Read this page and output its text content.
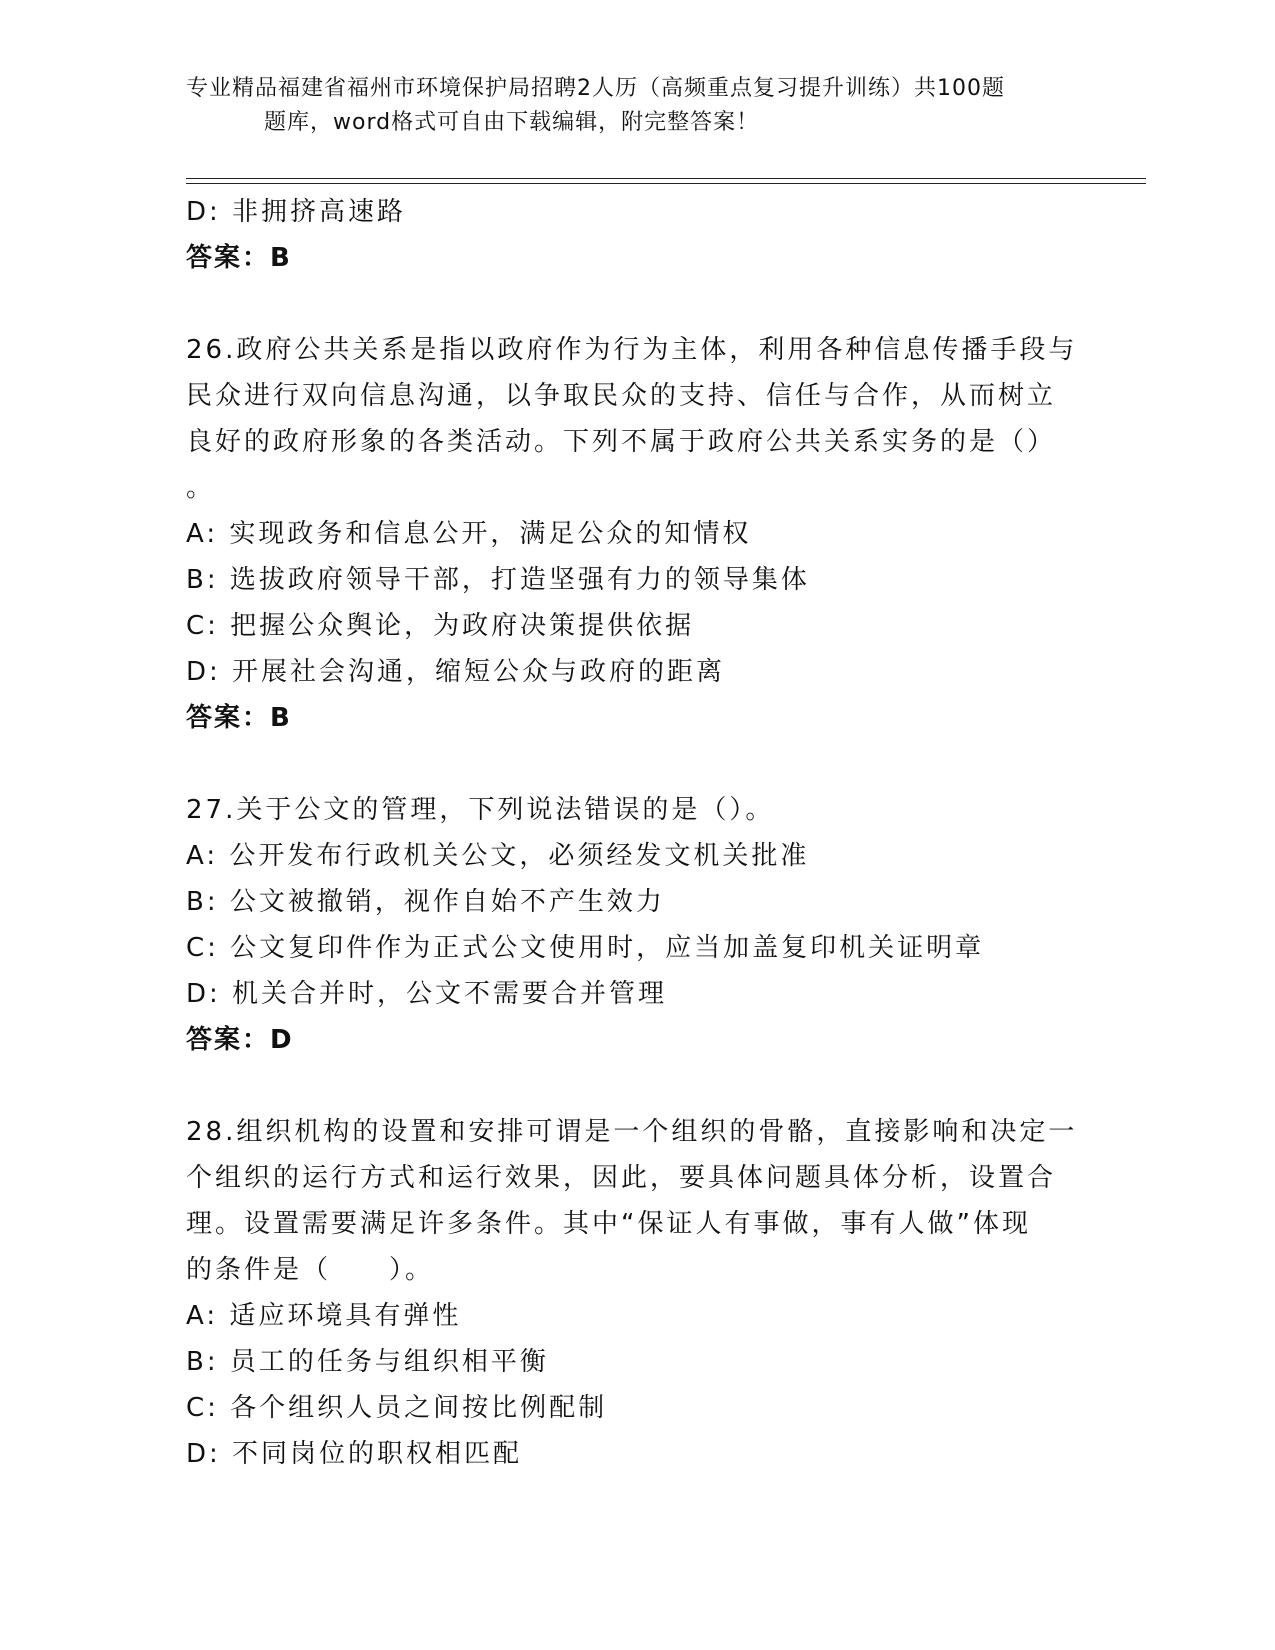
专业精品福建省福州市环境保护局招聘2人历（高频重点复习提升训练）共100题
题库，word格式可自由下载编辑，附完整答案！
D: 非拥挤高速路
答案：B
26.政府公共关系是指以政府作为行为主体，利用各种信息传播手段与
民众进行双向信息沟通，以争取民众的支持、信任与合作，从而树立
良好的政府形象的各类活动。下列不属于政府公共关系实务的是（）
。
A: 实现政务和信息公开，满足公众的知情权
B: 选拔政府领导干部，打造坚强有力的领导集体
C: 把握公众舆论，为政府决策提供依据
D: 开展社会沟通，缩短公众与政府的距离
答案：B
27.关于公文的管理，下列说法错误的是（）。
A: 公开发布行政机关公文，必须经发文机关批准
B: 公文被撤销，视作自始不产生效力
C: 公文复印件作为正式公文使用时，应当加盖复印机关证明章
D: 机关合并时，公文不需要合并管理
答案：D
28.组织机构的设置和安排可谓是一个组织的骨骼，直接影响和决定一
个组织的运行方式和运行效果，因此，要具体问题具体分析，设置合
理。设置需要满足许多条件。其中“保证人有事做，事有人做”体现
的条件是（　　）。
A: 适应环境具有弹性
B: 员工的任务与组织相平衡
C: 各个组织人员之间按比例配制
D: 不同岗位的职权相匹配
